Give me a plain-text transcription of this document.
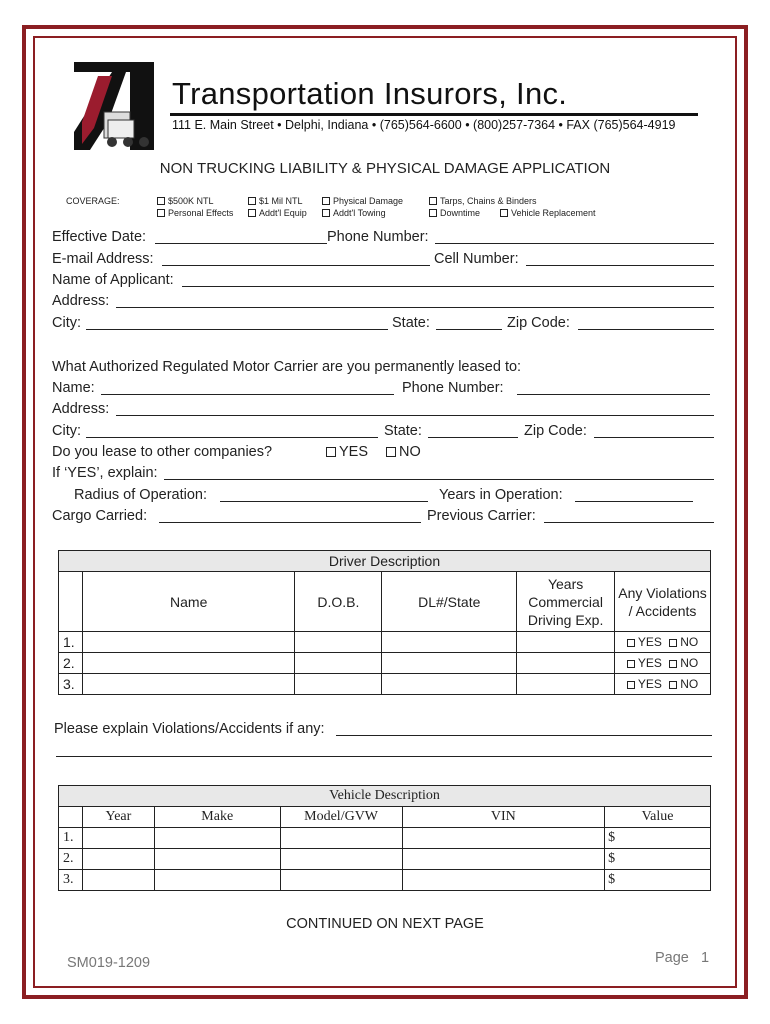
Transportation Insurors, Inc.
111 E. Main Street • Delphi, Indiana • (765)564-6600 • (800)257-7364 • FAX (765)564-4919
NON TRUCKING LIABILITY & PHYSICAL DAMAGE APPLICATION
COVERAGE:	$500K NTL	$1 Mil NTL	Physical Damage	Tarps, Chains & Binders
Personal Effects	Addt'l Equip	Addt'l Towing	Downtime	Vehicle Replacement
Effective Date:	Phone Number:
E-mail Address:	Cell Number:
Name of Applicant:
Address:
City:	State:	Zip Code:
What Authorized Regulated Motor Carrier are you permanently leased to:
Name:	Phone Number:
Address:
City:	State:	Zip Code:
Do you lease to other companies?	YES	NO
If ‘YES’, explain:
Radius of Operation:	Years in Operation:
Cargo Carried:	Previous Carrier:
Driver Description					
	Name	D.O.B.	DL#/State	Years Commercial Driving Exp.	Any Violations / Accidents
1.					YES NO
2.					YES NO
3.					YES NO
Please explain Violations/Accidents if any:
Vehicle Description					
	Year	Make	Model/GVW	VIN	Value
1.					$
2.					$
3.					$
CONTINUED ON NEXT PAGE
SM019-1209	Page   1
